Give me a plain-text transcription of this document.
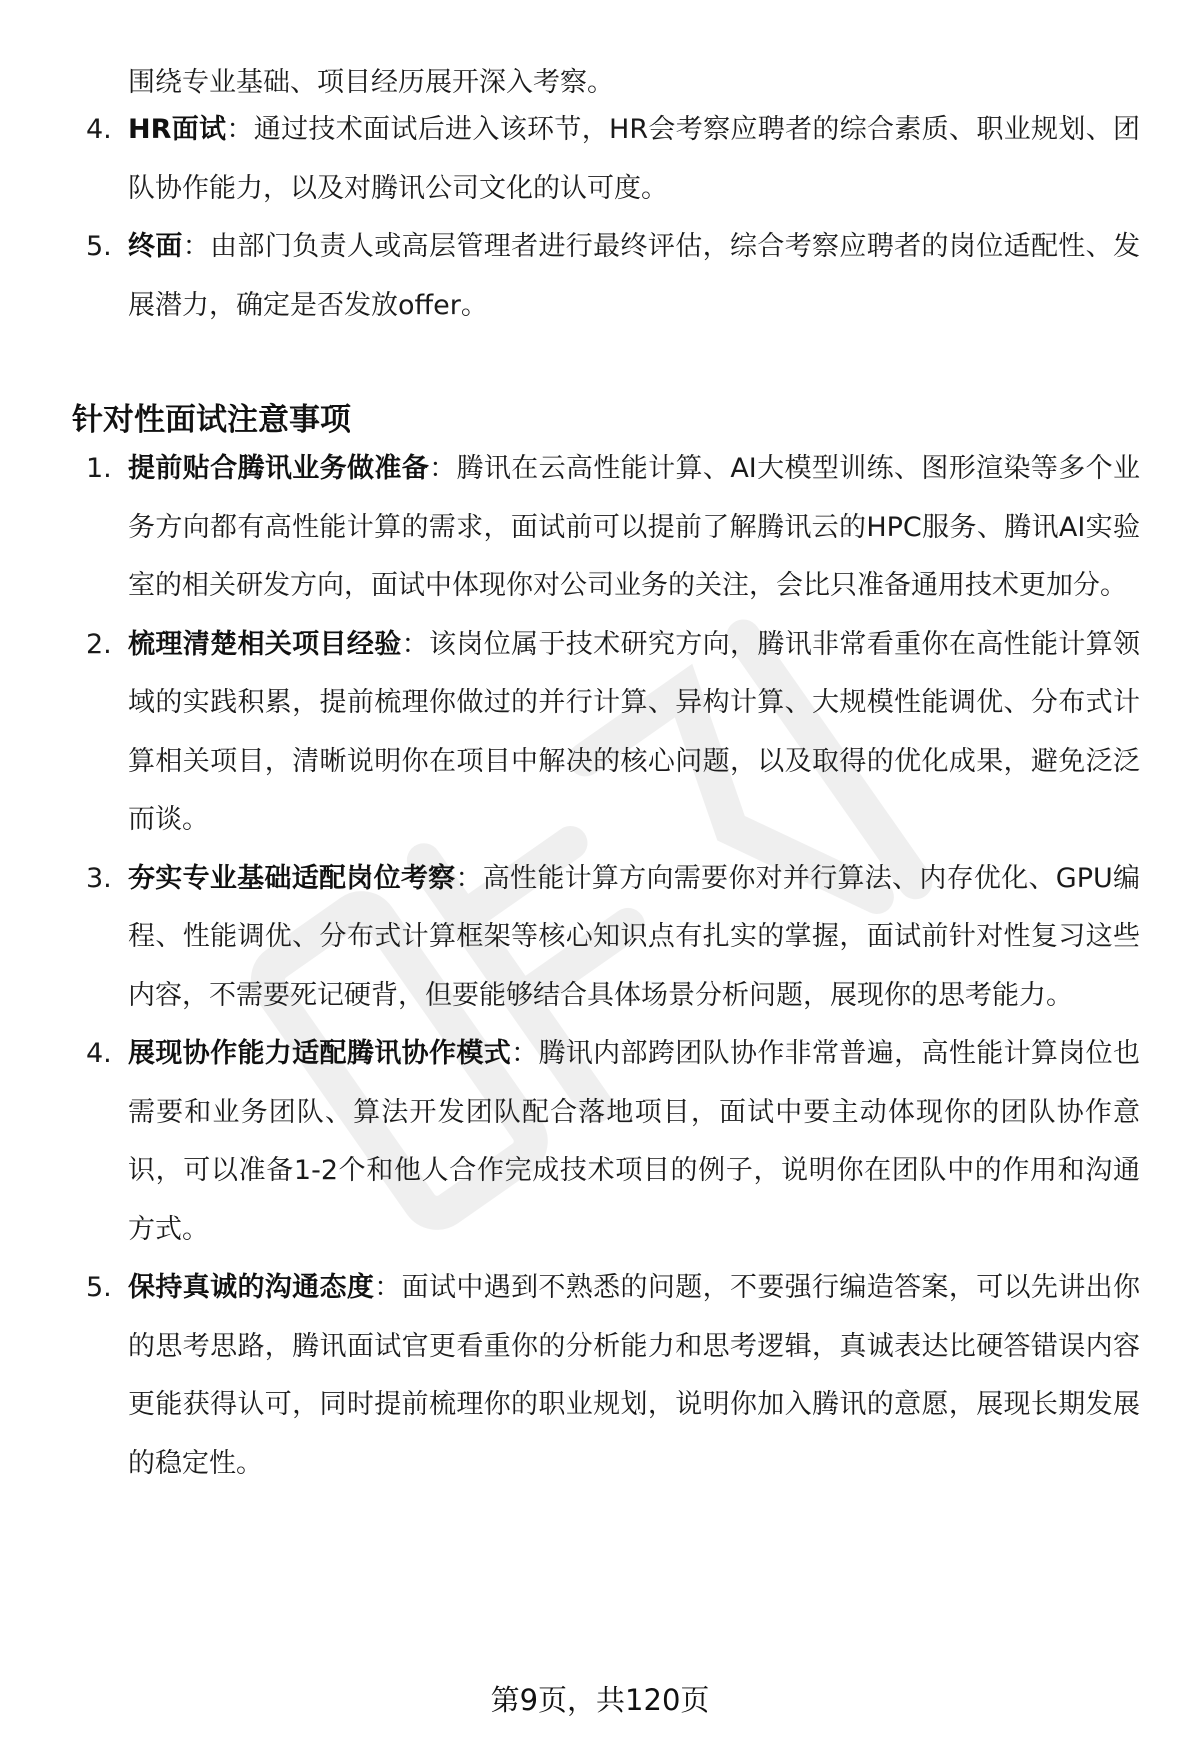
围绕专业基础、项目经历展开深入考察。

4. HR面试：通过技术面试后进入该环节，HR会考察应聘者的综合素质、职业规划、团队协作能力，以及对腾讯公司文化的认可度。
5. 终面：由部门负责人或高层管理者进行最终评估，综合考察应聘者的岗位适配性、发展潜力，确定是否发放offer。
针对性面试注意事项
1. 提前贴合腾讯业务做准备：腾讯在云高性能计算、AI大模型训练、图形渲染等多个业务方向都有高性能计算的需求，面试前可以提前了解腾讯云的HPC服务、腾讯AI实验室的相关研发方向，面试中体现你对公司业务的关注，会比只准备通用技术更加分。
2. 梳理清楚相关项目经验：该岗位属于技术研究方向，腾讯非常看重你在高性能计算领域的实践积累，提前梳理你做过的并行计算、异构计算、大规模性能调优、分布式计算相关项目，清晰说明你在项目中解决的核心问题，以及取得的优化成果，避免泛泛而谈。
3. 夯实专业基础适配岗位考察：高性能计算方向需要你对并行算法、内存优化、GPU编程、性能调优、分布式计算框架等核心知识点有扎实的掌握，面试前针对性复习这些内容，不需要死记硬背，但要能够结合具体场景分析问题，展现你的思考能力。
4. 展现协作能力适配腾讯协作模式：腾讯内部跨团队协作非常普遍，高性能计算岗位也需要和业务团队、算法开发团队配合落地项目，面试中要主动体现你的团队协作意识，可以准备1-2个和他人合作完成技术项目的例子，说明你在团队中的作用和沟通方式。
5. 保持真诚的沟通态度：面试中遇到不熟悉的问题，不要强行编造答案，可以先讲出你的思考思路，腾讯面试官更看重你的分析能力和思考逻辑，真诚表达比硬答错误内容更能获得认可，同时提前梳理你的职业规划，说明你加入腾讯的意愿，展现长期发展的稳定性。
第9页，共120页
